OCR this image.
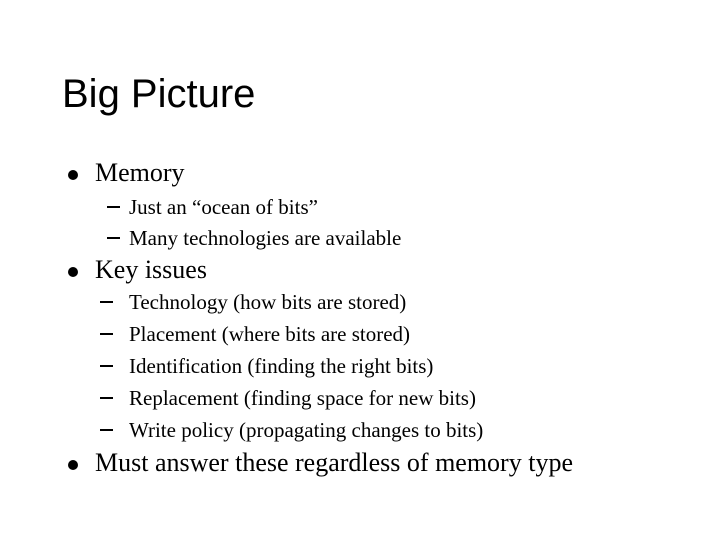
Big Picture
Memory
Just an “ocean of bits”
Many technologies are available
Key issues
Technology (how bits are stored)
Placement (where bits are stored)
Identification (finding the right bits)
Replacement (finding space for new bits)
Write policy (propagating changes to bits)
Must answer these regardless of memory type
